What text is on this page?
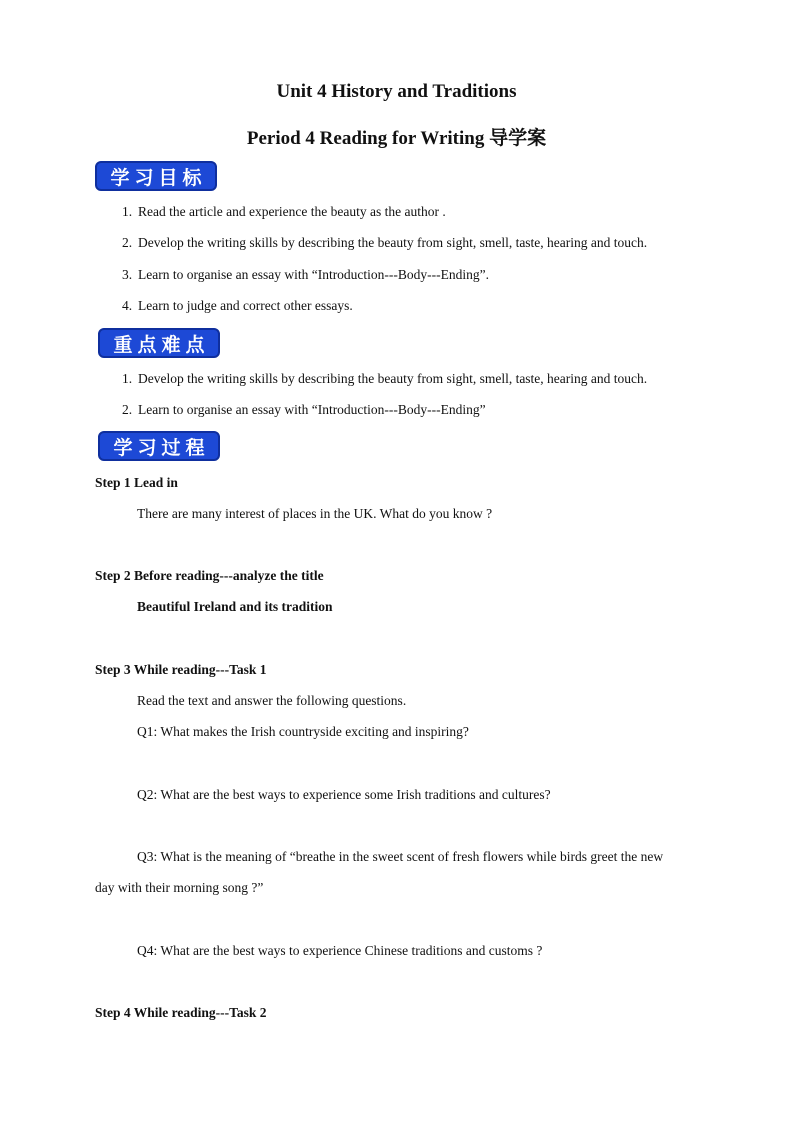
Unit 4 History and Traditions
Period 4 Reading for Writing 导学案
学习目标
1. Read the article and experience the beauty as the author .
2. Develop the writing skills by describing the beauty from sight, smell, taste, hearing and touch.
3. Learn to organise an essay with “Introduction---Body---Ending”.
4. Learn to judge and correct other essays.
重点难点
1. Develop the writing skills by describing the beauty from sight, smell, taste, hearing and touch.
2. Learn to organise an essay with “Introduction---Body---Ending”
学习过程
Step 1 Lead in
There are many interest of places in the UK. What do you know ?
Step 2 Before reading---analyze the title
Beautiful Ireland and its tradition
Step 3 While reading---Task 1
Read the text and answer the following questions.
Q1: What makes the Irish countryside exciting and inspiring?
Q2: What are the best ways to experience some Irish traditions and cultures?
Q3: What is the meaning of “breathe in the sweet scent of fresh flowers while birds greet the new
day with their morning song ?”
Q4: What are the best ways to experience Chinese traditions and customs ?
Step 4 While reading---Task 2
